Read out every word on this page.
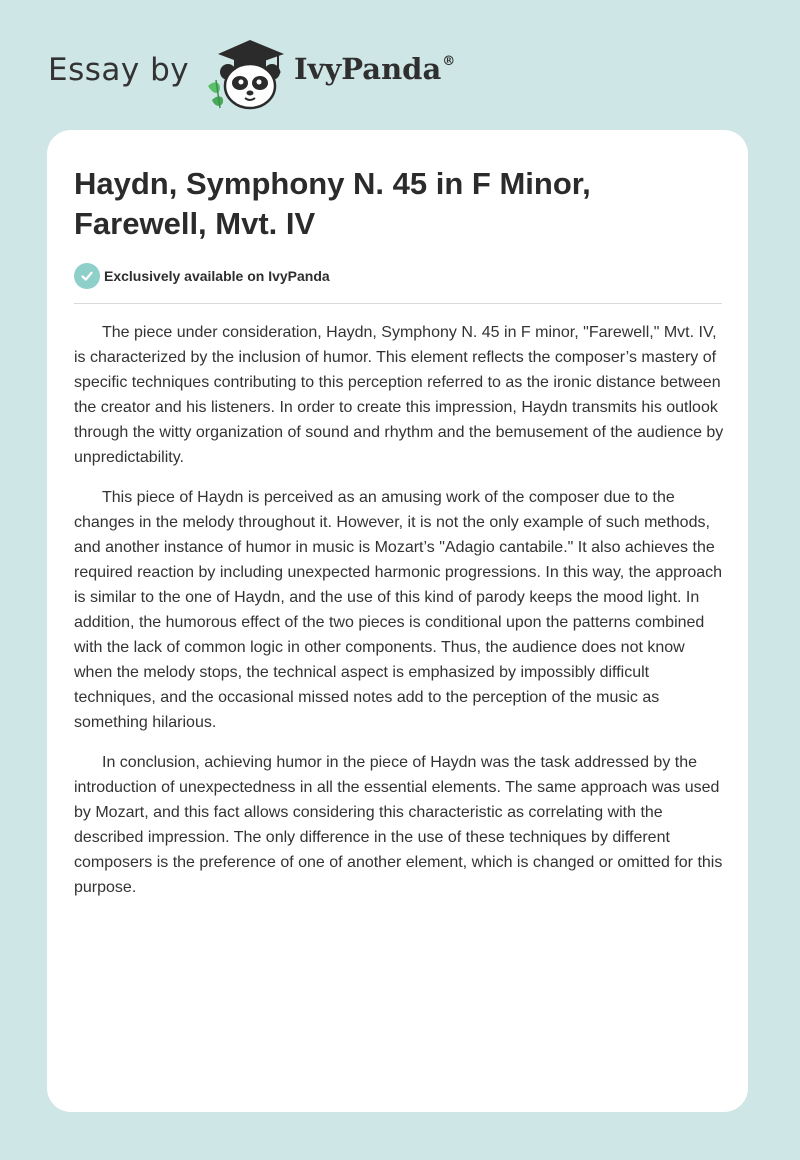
Essay by	IvyPanda®
Haydn, Symphony N. 45 in F Minor, Farewell, Mvt. IV
Exclusively available on IvyPanda

The piece under consideration, Haydn, Symphony N. 45 in F minor, "Farewell," Mvt. IV, is characterized by the inclusion of humor. This element reflects the composer’s mastery of specific techniques contributing to this perception referred to as the ironic distance between the creator and his listeners. In order to create this impression, Haydn transmits his outlook through the witty organization of sound and rhythm and the bemusement of the audience by unpredictability.

This piece of Haydn is perceived as an amusing work of the composer due to the changes in the melody throughout it. However, it is not the only example of such methods, and another instance of humor in music is Mozart’s "Adagio cantabile." It also achieves the required reaction by including unexpected harmonic progressions. In this way, the approach is similar to the one of Haydn, and the use of this kind of parody keeps the mood light. In addition, the humorous effect of the two pieces is conditional upon the patterns combined with the lack of common logic in other components. Thus, the audience does not know when the melody stops, the technical aspect is emphasized by impossibly difficult techniques, and the occasional missed notes add to the perception of the music as something hilarious.

In conclusion, achieving humor in the piece of Haydn was the task addressed by the introduction of unexpectedness in all the essential elements. The same approach was used by Mozart, and this fact allows considering this characteristic as correlating with the described impression. The only difference in the use of these techniques by different composers is the preference of one of another element, which is changed or omitted for this purpose.
